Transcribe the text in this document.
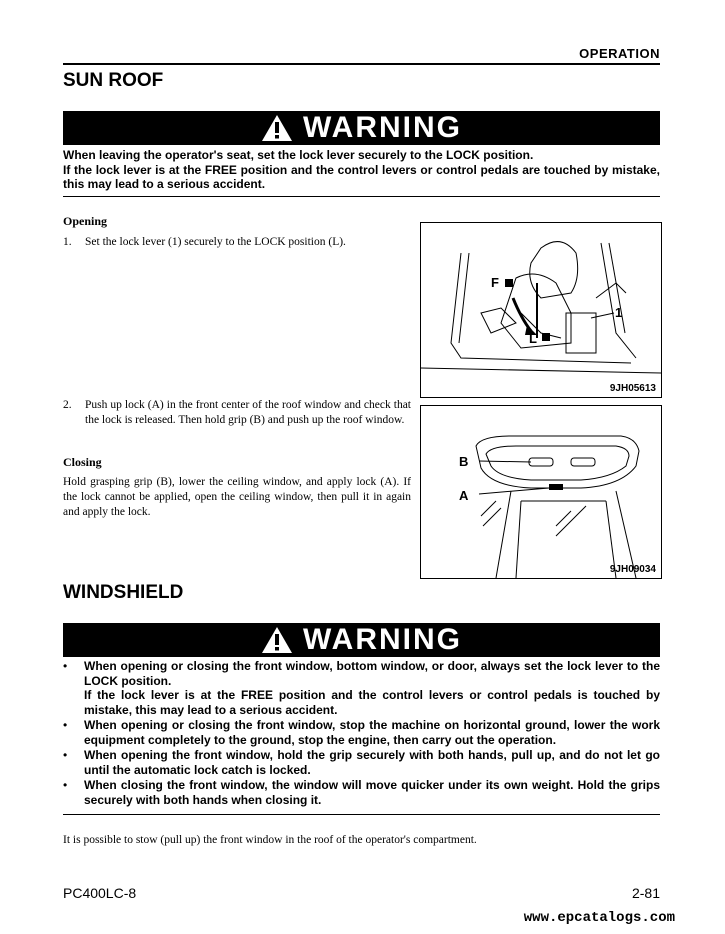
OPERATION
SUN ROOF
WARNING
When leaving the operator's seat, set the lock lever securely to the LOCK position.
If the lock lever is at the FREE position and the control levers or control pedals are touched by mistake, this may lead to a serious accident.
Opening
1. Set the lock lever (1) securely to the LOCK position (L).
2. Push up lock (A) in the front center of the roof window and check that the lock is released. Then hold grip (B) and push up the roof window.
Closing
Hold grasping grip (B), lower the ceiling window, and apply lock (A). If the lock cannot be applied, open the ceiling window, then pull it in again and apply the lock.
F
L
1
9JH05613
B
A
9JH09034
WINDSHIELD
WARNING
• When opening or closing the front window, bottom window, or door, always set the lock lever to the LOCK position.
If the lock lever is at the FREE position and the control levers or control pedals is touched by mistake, this may lead to a serious accident.
• When opening or closing the front window, stop the machine on horizontal ground, lower the work equipment completely to the ground, stop the engine, then carry out the operation.
• When opening the front window, hold the grip securely with both hands, pull up, and do not let go until the automatic lock catch is locked.
• When closing the front window, the window will move quicker under its own weight. Hold the grips securely with both hands when closing it.
It is possible to stow (pull up) the front window in the roof of the operator's compartment.
PC400LC-8	2-81
www.epcatalogs.com
